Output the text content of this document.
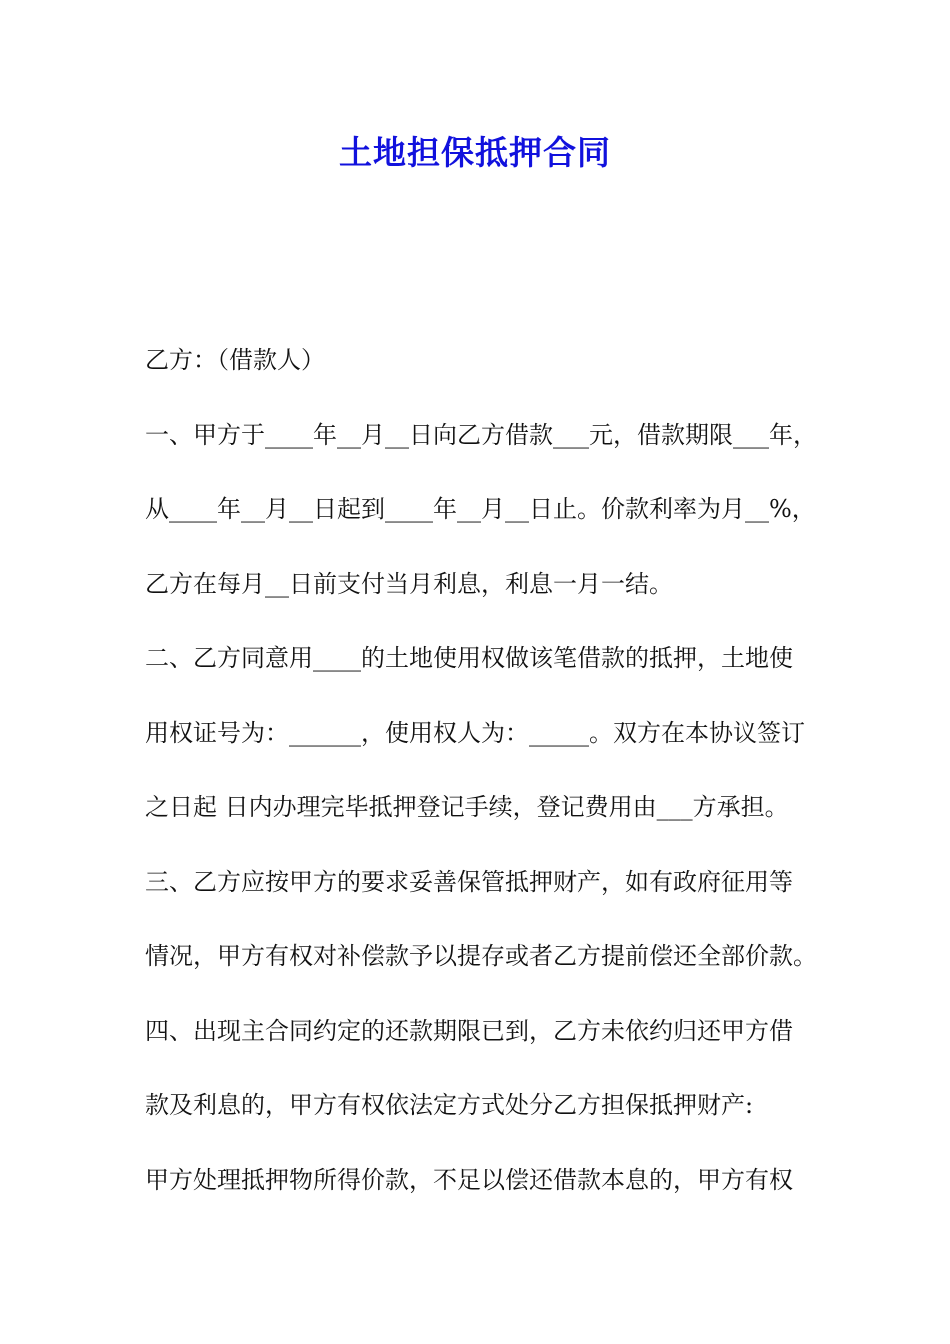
土地担保抵押合同
乙方：（借款人）
一、甲方于____年__月__日向乙方借款___元，借款期限___年，
从____年__月__日起到____年__月__日止。价款利率为月__%，
乙方在每月__日前支付当月利息，利息一月一结。
二、乙方同意用____的土地使用权做该笔借款的抵押，土地使
用权证号为：______，使用权人为：_____。双方在本协议签订
之日起 日内办理完毕抵押登记手续，登记费用由___方承担。
三、乙方应按甲方的要求妥善保管抵押财产，如有政府征用等
情况，甲方有权对补偿款予以提存或者乙方提前偿还全部价款。
四、出现主合同约定的还款期限已到，乙方未依约归还甲方借
款及利息的，甲方有权依法定方式处分乙方担保抵押财产:
甲方处理抵押物所得价款，不足以偿还借款本息的，甲方有权
